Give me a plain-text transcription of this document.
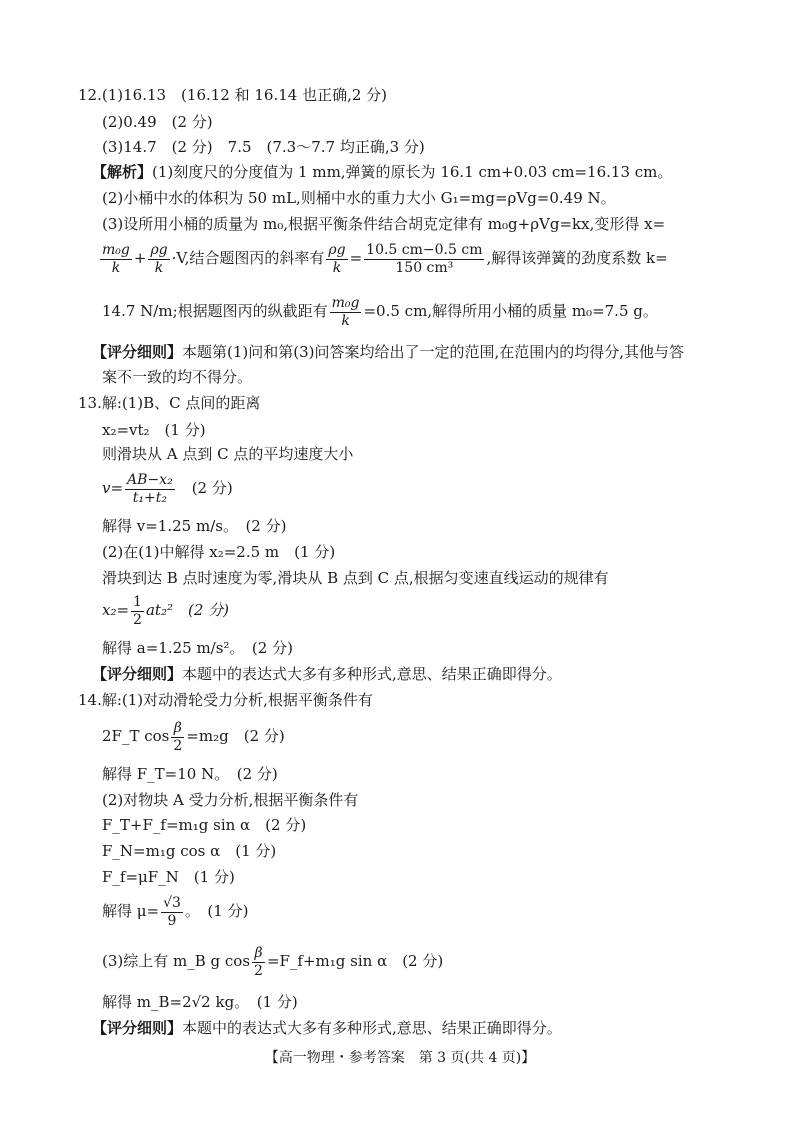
12.(1)16.13　(16.12 和 16.14 也正确,2 分)
(2)0.49　(2 分)
(3)14.7　(2 分)　7.5　(7.3～7.7 均正确,3 分)
【解析】(1)刻度尺的分度值为 1 mm,弹簧的原长为 16.1 cm+0.03 cm=16.13 cm。
(2)小桶中水的体积为 50 mL,则桶中水的重力大小 G₁=mg=ρVg=0.49 N。
(3)设所用小桶的质量为 m₀,根据平衡条件结合胡克定律有 m₀g+ρVg=kx,变形得 x=
$\frac{\text{m₀g}}{k} + \frac{\rho g}{k} \cdot V$,结合题图丙的斜率有 $\frac{\rho g}{k} = \frac{10.5 cm-0.5 cm}{\text{150 cm³}}$ ,解得该弹簧的劲度系数 k=
14.7 N/m;根据题图丙的纵截距有 $\frac{\text{m₀g}}{k} =0.5$ cm,解得所用小桶的质量 m₀=7.5 g。
【评分细则】本题第(1)问和第(3)问答案均给出了一定的范围,在范围内的均得分,其他与答
案不一致的均不得分。
13.解:(1)B、C 点间的距离
x₂=vt₂　(1 分)
则滑块从 A 点到 C 点的平均速度大小
$v= \frac{\text{AB−x₂}}{\text{t₁+t₂}}$ 　(2 分)
解得 v=1.25 m/s。　(2 分)
(2)在(1)中解得 x₂=2.5 m　(1 分)
滑块到达 B 点时速度为零,滑块从 B 点到 C 点,根据匀变速直线运动的规律有
$x_2= \frac{1}{2} at_2^2$　(2 分)
解得 a=1.25 m/s²。　(2 分)
【评分细则】本题中的表达式大多有多种形式,意思、结果正确即得分。
14.解:(1)对动滑轮受力分析,根据平衡条件有
2F_T $\cos \frac{\beta}{2} =m_2g$　(2 分)
解得 F_T=10 N。　(2 分)
(2)对物块 A 受力分析,根据平衡条件有
F_T+F_f=m₁g sin α　(2 分)
F_N=m₁g cos α　(1 分)
F_f=μF_N　(1 分)
解得 $\mu= \frac{√3}{9}$ 。　(1 分)
(3)综上有 m_B g $\cos \frac{\beta}{2}$ =F_f+m₁g sin α　(2 分)
解得 m_B=2√2 kg。　(1 分)
【评分细则】本题中的表达式大多有多种形式,意思、结果正确即得分。
【高一物理・参考答案　第 3 页(共 4 页)】
